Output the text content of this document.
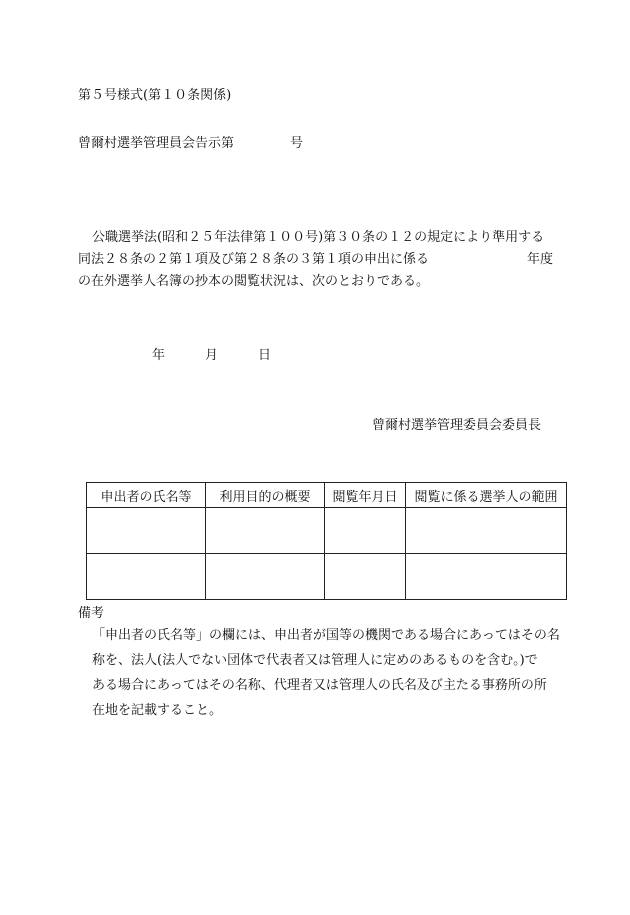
第５号様式(第１０条関係)
曾爾村選挙管理員会告示第	号
公職選挙法(昭和２５年法律第１００号)第３０条の１２の規定により準用する
同法２８条の２第１項及び第２８条の３第１項の申出に係る	年度
の在外選挙人名簿の抄本の閲覧状況は、次のとおりである。
年	月	日
曾爾村選挙管理委員会委員長
申出者の氏名等	利用目的の概要	閲覧年月日	閲覧に係る選挙人の範囲

備考
「申出者の氏名等」の欄には、申出者が国等の機関である場合にあってはその名
称を、法人(法人でない団体で代表者又は管理人に定めのあるものを含む。)で
ある場合にあってはその名称、代理者又は管理人の氏名及び主たる事務所の所
在地を記載すること。
